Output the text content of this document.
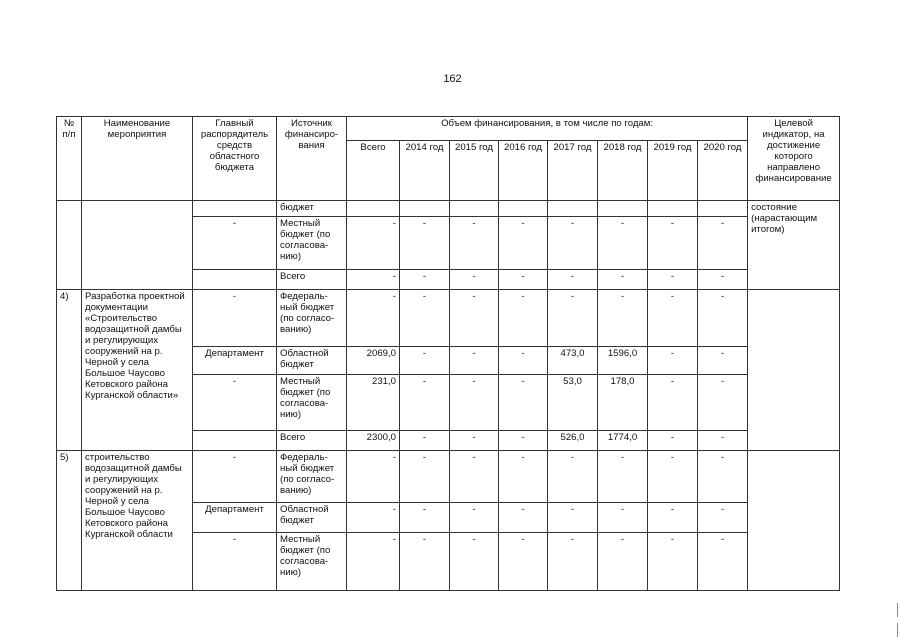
162
№ п/п	Наименование мероприятия	Главный распорядитель средств областного бюджета	Источник финансиро-вания	Объем финансирования, в том числе по годам:								Целевой индикатор, на достижение которого направлено финансирование
				Всего	2014 год	2015 год	2016 год	2017 год	2018 год	2019 год	2020 год	
			бюджет									состояние (нарастающим итогом)
		-	Местный бюджет (по согласова-нию)	-	-	-	-	-	-	-	-	
			Всего	-	-	-	-	-	-	-	-	
4)	Разработка проектной документации «Строительство водозащитной дамбы и регулирующих сооружений на р. Черной у села Большое Чаусово Кетовского района Курганской области»	-	Федераль-ный бюджет (по согласо-ванию)	-	-	-	-	-	-	-	-	
		Департамент	Областной бюджет	2069,0	-	-	-	473,0	1596,0	-	-	
		-	Местный бюджет (по согласова-нию)	231,0	-	-	-	53,0	178,0	-	-	
			Всего	2300,0	-	-	-	526,0	1774,0	-	-	
5)	строительство водозащитной дамбы и регулирующих сооружений на р. Черной у села Большое Чаусово Кетовского района Курганской области	-	Федераль-ный бюджет (по согласо-ванию)	-	-	-	-	-	-	-	-	
		Департамент	Областной бюджет	-	-	-	-	-	-	-	-	
		-	Местный бюджет (по согласова-нию)	-	-	-	-	-	-	-	-	
